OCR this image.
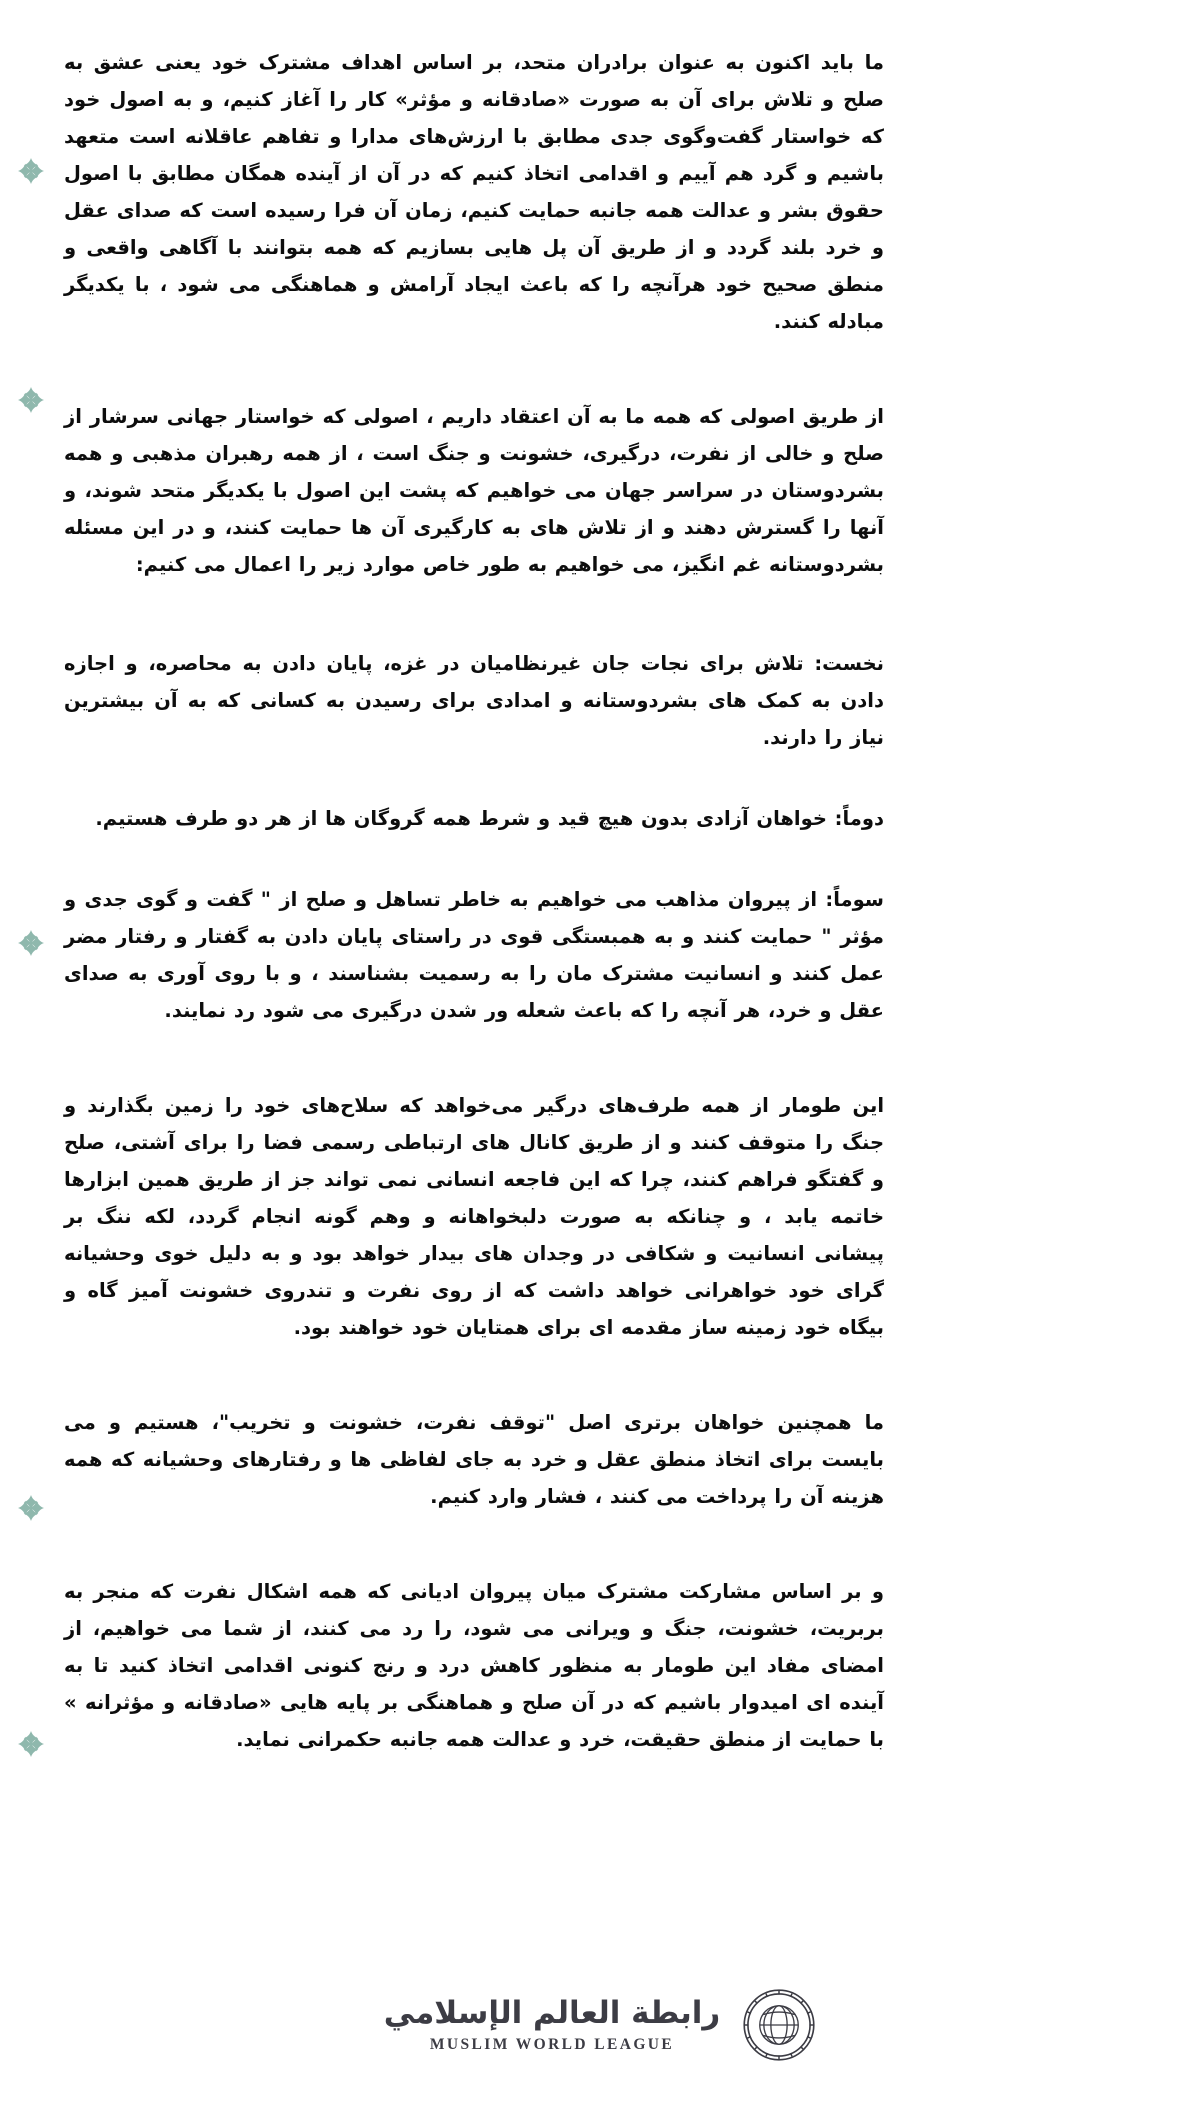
ما باید اکنون به عنوان برادران متحد، بر اساس اهداف مشترک خود یعنی عشق به صلح و تلاش برای آن به صورت «صادقانه و مؤثر» کار را آغاز کنیم، و به اصول خود که خواستار گفت‌وگوی جدی مطابق با ارزش‌های مدارا و تفاهم عاقلانه است متعهد باشیم و گرد هم آییم و اقدامی اتخاذ کنیم که در آن از آینده همگان مطابق با اصول حقوق بشر و عدالت همه جانبه حمایت کنیم، زمان آن فرا رسیده است که صدای عقل و خرد بلند گردد و از طریق آن پل هایی بسازیم که همه بتوانند با آگاهی واقعی و منطق صحیح خود هرآنچه را که باعث ایجاد آرامش و هماهنگی می شود ، با یکدیگر مبادله کنند.

از طریق اصولی که همه ما به آن اعتقاد داریم ، اصولی که خواستار جهانی سرشار از صلح و خالی از نفرت، درگیری، خشونت و جنگ است ، از همه رهبران مذهبی و همه بشردوستان در سراسر جهان می خواهیم که پشت این اصول با یکدیگر متحد شوند، و آنها را گسترش دهند و از تلاش های به کارگیری آن ها حمایت کنند، و در این مسئله بشردوستانه غم انگیز، می خواهیم به طور خاص موارد زیر را اعمال می کنیم:

نخست: تلاش برای نجات جان غیرنظامیان در غزه، پایان دادن به محاصره، و اجازه دادن به کمک های بشردوستانه و امدادی برای رسیدن به کسانی که به آن بیشترین نیاز را دارند.

دوماً: خواهان آزادی بدون هیچ قید و شرط همه گروگان ها از هر دو طرف هستیم.

سوماً: از پیروان مذاهب می خواهیم به خاطر تساهل و صلح از " گفت و گوی جدی و مؤثر " حمایت کنند و به همبستگی قوی در راستای پایان دادن به گفتار و رفتار مضر عمل کنند و انسانیت مشترک مان را به رسمیت بشناسند ، و با روی آوری به صدای عقل و خرد، هر آنچه را که باعث شعله ور شدن درگیری می شود رد نمایند.

این طومار از همه طرف‌های درگیر می‌خواهد که سلاح‌های خود را زمین بگذارند و جنگ را متوقف کنند و از طریق کانال های ارتباطی رسمی فضا را برای آشتی، صلح و گفتگو فراهم کنند، چرا که این فاجعه انسانی نمی تواند جز از طریق همین ابزارها خاتمه یابد ، و چنانکه به صورت دلبخواهانه و وهم گونه انجام گردد، لکه ننگ بر پیشانی انسانیت و شکافی در وجدان های بیدار خواهد بود و به دلیل خوی وحشیانه گرای خود خواهرانی خواهد داشت که از روی نفرت و تندروی خشونت آمیز گاه و بیگاه خود زمینه ساز مقدمه ای برای همتایان خود خواهند بود.

ما همچنین خواهان برتری اصل "توقف نفرت، خشونت و تخریب"، هستیم و می بایست برای اتخاذ منطق عقل و خرد به جای لفاظی ها و رفتارهای وحشیانه که همه هزینه آن را پرداخت می کنند ، فشار وارد کنیم.

و بر اساس مشارکت مشترک میان پیروان ادیانی که همه اشکال نفرت که منجر به بربریت، خشونت، جنگ و ویرانی می شود، را رد می کنند، از شما می خواهیم، از امضای مفاد این طومار به منظور کاهش درد و رنج کنونی اقدامی اتخاذ کنید تا به آینده ای امیدوار باشیم که در آن صلح و هماهنگی بر پایه هایی «صادقانه و مؤثرانه » با حمایت از منطق حقیقت، خرد و عدالت همه جانبه حکمرانی نماید.

رابطة العالم الإسلامي
MUSLIM WORLD LEAGUE
